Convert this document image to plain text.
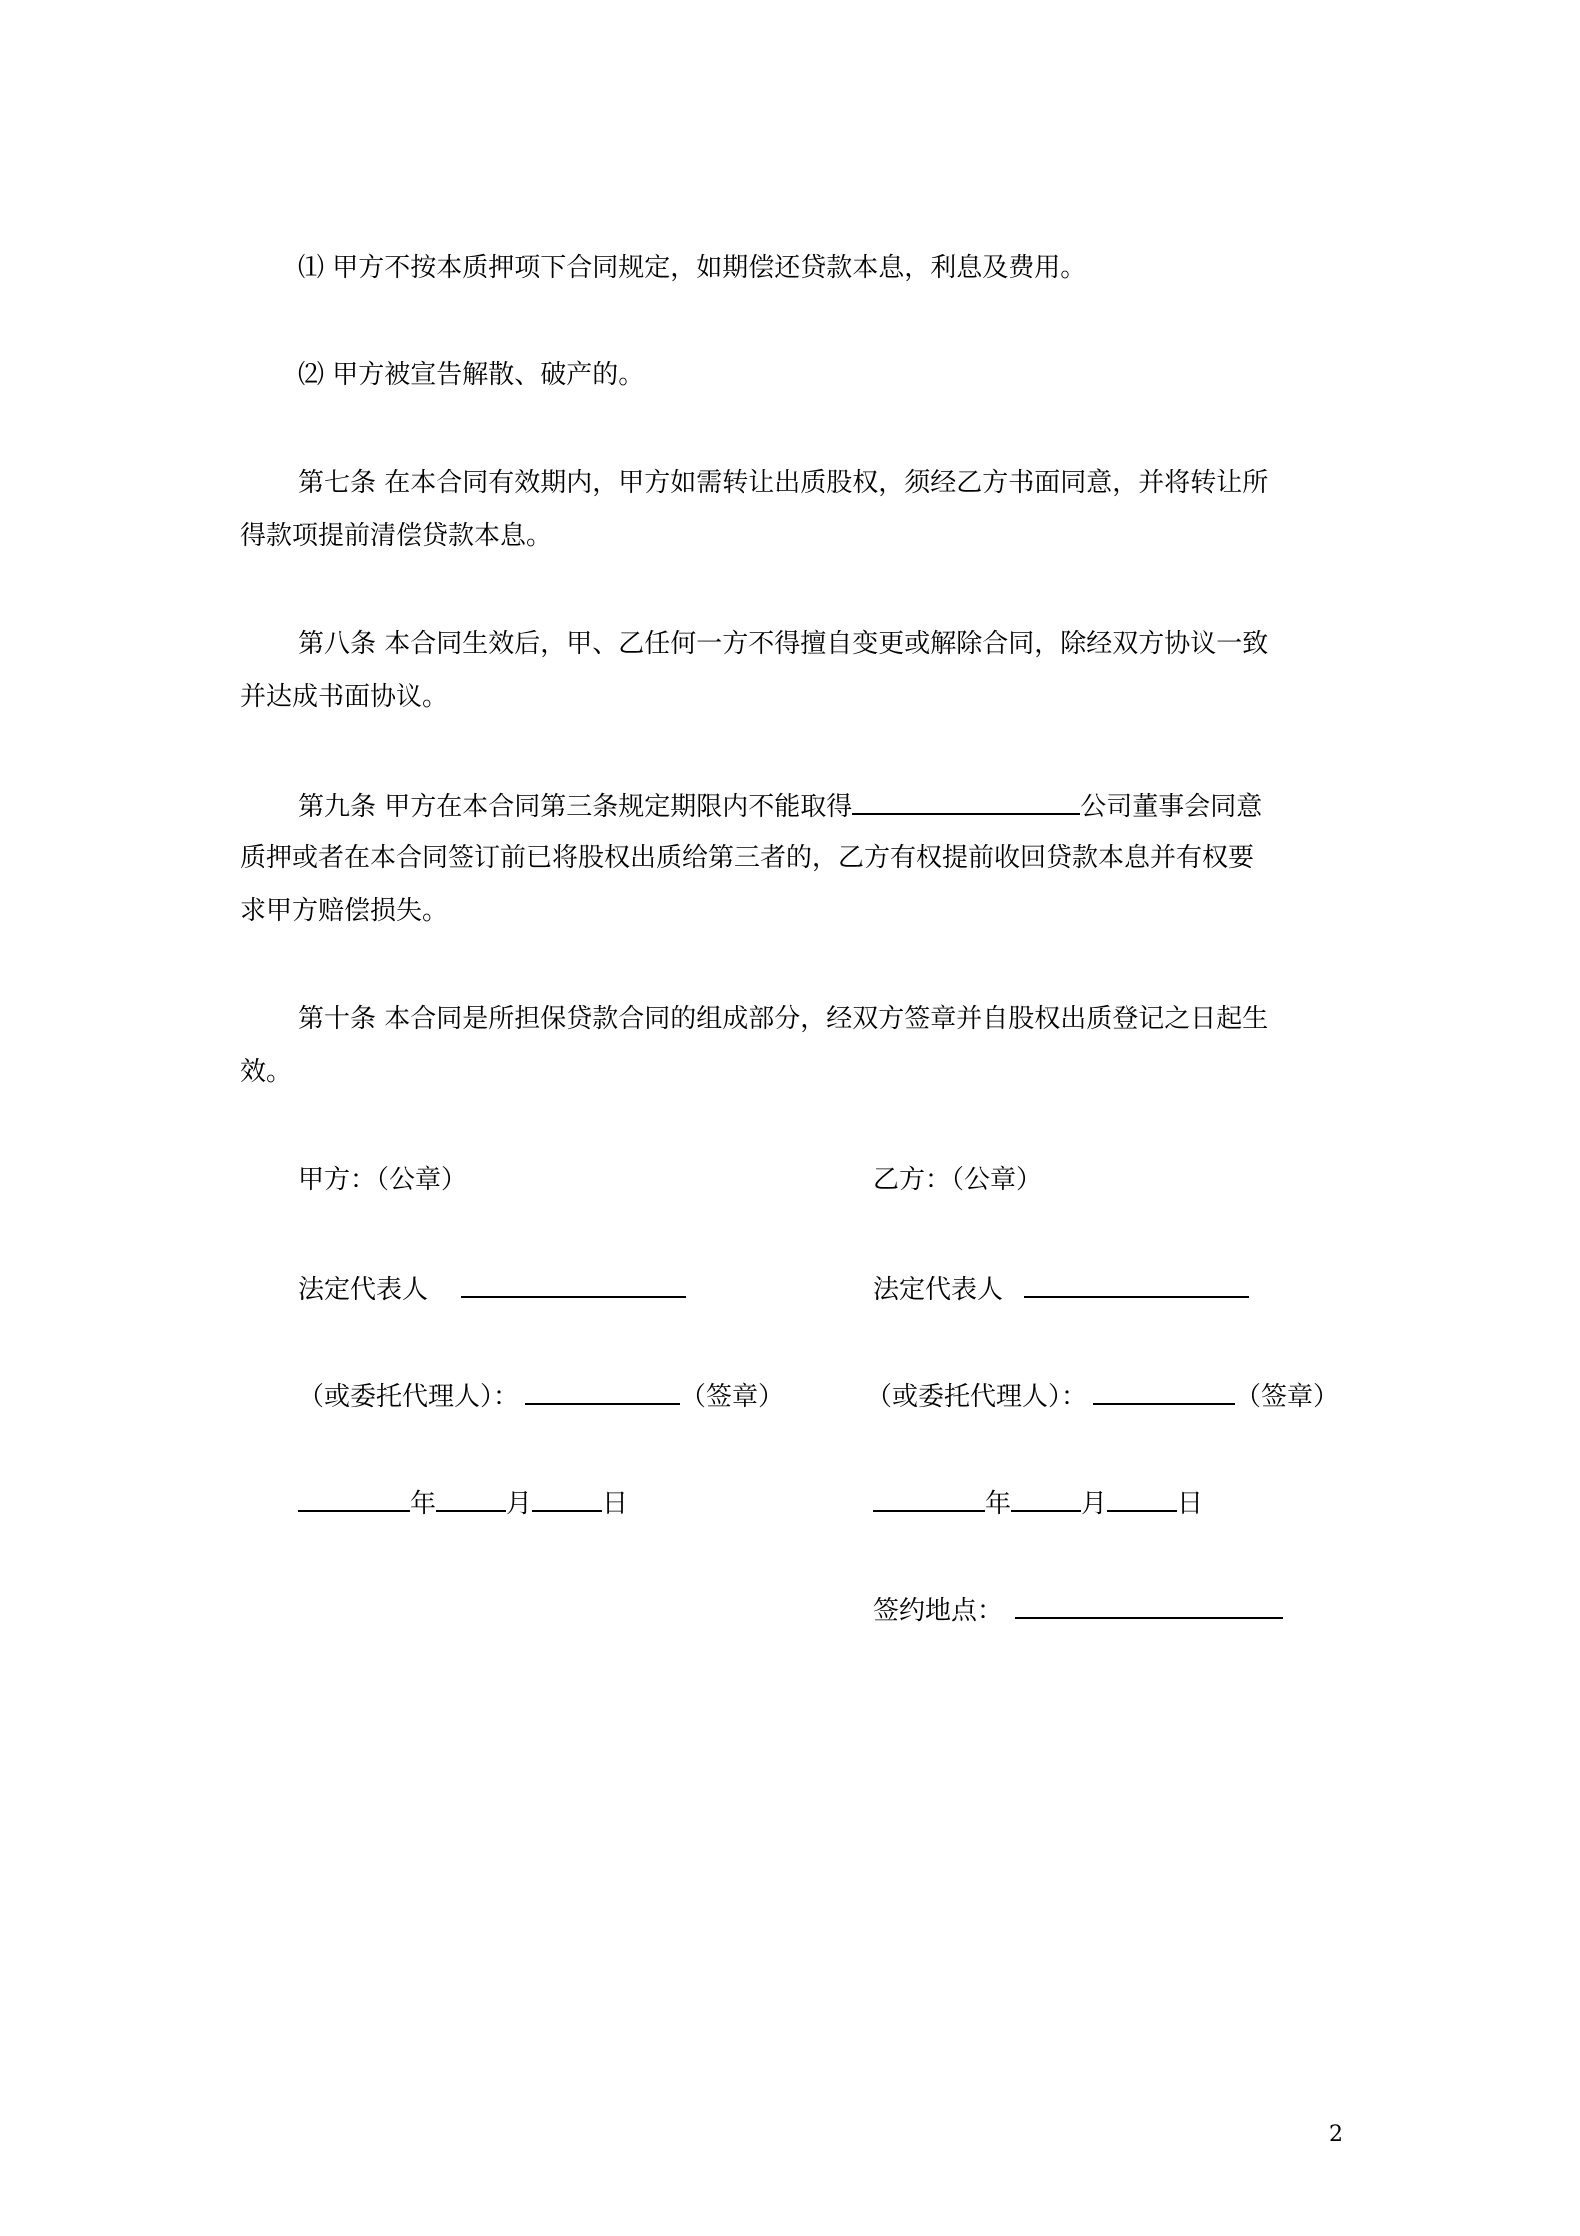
⑴ 甲方不按本质押项下合同规定，如期偿还贷款本息，利息及费用。
⑵ 甲方被宣告解散、破产的。
第七条 在本合同有效期内，甲方如需转让出质股权，须经乙方书面同意，并将转让所
得款项提前清偿贷款本息。
第八条 本合同生效后，甲、乙任何一方不得擅自变更或解除合同，除经双方协议一致
并达成书面协议。
第九条 甲方在本合同第三条规定期限内不能取得	公司董事会同意
质押或者在本合同签订前已将股权出质给第三者的，乙方有权提前收回贷款本息并有权要
求甲方赔偿损失。
第十条 本合同是所担保贷款合同的组成部分，经双方签章并自股权出质登记之日起生
效。
甲方：（公章）
法定代表人
（或委托代理人）：	（签章）
年	月	日
乙方：（公章）
法定代表人
（或委托代理人）：	（签章）
年	月	日
签约地点：
2
